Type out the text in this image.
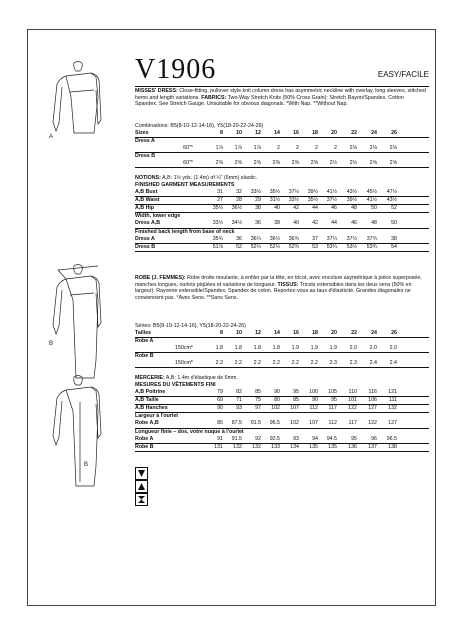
A
B
B
V1906	EASY/FACILE
MISSES' DRESS: Close-fitting, pullover style knit column dress has asymmetric neckline with overlay, long sleeves, stitched hems and length variations. FABRICS: Two-Way Stretch Knits (50% Cross Grain): Stretch Rayon/Spandex, Cotton Spandex. See Stretch Gauge. Unsuitable for obvious diagonals. *With Nap. **Without Nap.
Combinations: B5(8-10-12-14-16), Y5(18-20-22-24-26)
Sizes	8	10	12	14	16	18	20	22	24	26
Dress A
60"*	1⅞	1⅞	1⅞	2	2	2	2	2⅛	2⅛	2⅛
Dress B
60"*	2⅜	2⅜	2⅜	2⅜	2⅜	2⅜	2½	2½	2⅝	2⅝
NOTIONS: A,B: 1½ yds. (1.4m) of ¼" (6mm) elastic.
FINISHED GARMENT MEASUREMENTS
A,B Bust	31	32	33½	35½	37½	39½	41½	43½	45½	47½
A,B Waist	27	28	29	31½	33½	35½	37½	39½	41½	43½
A,B Hip	35½	36½	38	40	42	44	46	48	50	52
Width, lower edge
Dress A,B	33½	34½	36	38	40	42	44	46	48	50
Finished back length from base of neck
Dress A	35¾	36	36¼	36½	36¾	37	37¼	37½	37¾	38
Dress B	51⅞	52	52¼	52½	52¾	53	53¼	53½	53¾	54
ROBE (J. FEMMES): Robe droite moulante, à enfiler par la tête, en tricot, avec encolure asymétrique à pièce superposée, manches longues, ourlets piqûées et variations de longueur. TISSUS: Tricots extensibles dans les deux sens (50% en largeur): Rayonne extensible/Spandex, Spandex de coton. Reportez-vous au taux d'élasticité. Grandes diagonales ne conviennent pas. *Avec Sens. **Sans Sens.
Séries: B5(8-10-12-14-16), Y5(18-20-22-24-26)
Tailles	8	10	12	14	16	18	20	22	24	26
Robe A
150cm*	1.8	1.8	1.8	1.8	1.9	1.9	1.9	2.0	2.0	2.0
Robe B
150cm*	2.2	2.2	2.2	2.2	2.2	2.2	2.3	2.3	2.4	2.4
MERCERIE: A,B: 1.4m d'élastique de 6mm.
MESURES DU VÊTEMENTS FINI
A,B Poitrine	79	82	85	90	95	100	105	110	116	121
A,B Taille	69	71	75	80	85	90	95	101	106	111
A,B Hanches	90	93	97	102	107	112	117	122	127	132
Largeur à l'ourlet
Robe A,B	85	87.5	91.5	96.5	102	107	112	117	122	127
Longueur finie – dos, votre nuque à l'ourlet
Robe A	91	91.5	92	92.5	93	94	94.5	95	96	96.5
Robe B	131	132	132	133	134	135	135	136	137	138
